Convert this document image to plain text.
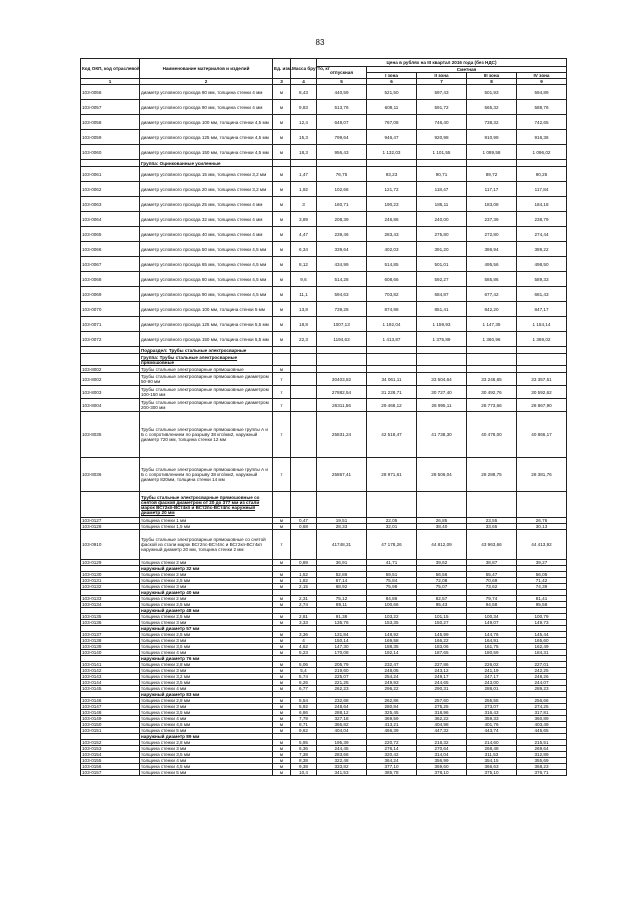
83
Код ОКП, код отраслевой	Наименование материалов и изделий	Ед. изм.	Масса брутто, кг	Цена в рублях на III квартал 2016 года (без НДС)				
				отпускная	Сметная			
					I зона	II зона	III зона	IV зона
1	2	3	4	5	6	7	8	9
103-0056	диаметр условного прохода 80 мм, толщина стенки 4 мм	м	8,43	440,59	521,50	597,43	501,93	594,89
103-0057	диаметр условного прохода 90 мм, толщина стенки 4 мм	м	9,83	513,76	608,11	591,72	565,32	588,76
103-0058	диаметр условного прохода 100 мм, толщина стенки 4,5 мм	м	12,4	648,07	767,08	746,40	738,32	742,65
103-0059	диаметр условного прохода 125 мм, толщина стенки 4,5 мм	м	15,3	799,64	946,47	920,98	910,99	916,36
103-0060	диаметр условного прохода 150 мм, толщина стенки 4,5 мм	м	18,3	956,43	1 132,03	1 101,55	1 089,58	1 096,02
	Группа: Оцинкованные усиленные							
103-0061	диаметр условного прохода 15 мм, толщина стенки 3,2 мм	м	1,47	76,75	93,23	90,71	89,72	90,25
103-0062	диаметр условного прохода 20 мм, толщина стенки 3,2 мм	м	1,92	102,66	121,72	118,47	117,17	117,84
103-0063	диаметр условного прохода 25 мм, толщина стенки 4 мм	м	3	160,71	190,23	185,11	183,08	184,18
103-0064	диаметр условного прохода 32 мм, толщина стенки 4 мм	м	3,89	208,39	246,86	240,00	237,39	238,79
103-0065	диаметр условного прохода 40 мм, толщина стенки 4 мм	м	4,47	239,46	283,43	275,80	272,80	274,44
103-0066	диаметр условного прохода 50 мм, толщина стенки 4,5 мм	м	6,34	339,64	402,03	391,20	386,94	389,22
103-0067	диаметр условного прохода 65 мм, толщина стенки 4,5 мм	м	8,12	434,99	514,85	501,01	495,56	498,50
103-0068	диаметр условного прохода 80 мм, толщина стенки 4,5 мм	м	9,6	514,28	608,66	592,27	585,86	589,33
103-0069	диаметр условного прохода 90 мм, толщина стенки 4,5 мм	м	11,1	594,63	703,82	684,87	677,42	681,43
103-0070	диаметр условного прохода 100 мм, толщина стенки 5 мм	м	13,8	739,28	874,98	851,41	842,20	847,17
103-0071	диаметр условного прохода 125 мм, толщина стенки 5,5 мм	м	18,8	1007,13	1 192,04	1 159,93	1 147,35	1 154,14
103-0072	диаметр условного прохода 150 мм, толщина стенки 5,5 мм	м	22,3	1194,63	1 413,87	1 375,89	1 360,96	1 369,02
	Подраздел: Трубы стальные электросварные							
	Группа: Трубы стальные электросварные прямошовные							
103-8002	Трубы стальные электросварные прямошовные	м						
103-8002	Трубы стальные электросварные прямошовные диаметром 50-90 мм	т		30403,82	34 061,11	33 504,64	33 246,65	33 357,51
103-8003	Трубы стальные электросварные прямошовные диаметром 100-150 мм	т		27882,54	31 228,71	30 727,40	30 492,76	30 592,62
103-8004	Трубы стальные электросварные прямошовные диаметром 200-300 мм	т		26311,56	29 468,12	28 995,11	28 773,66	28 867,90
103-8035	Трубы стальные электросварные прямошовные группы А и Б с сопротивлением по разрыву 38 кгс/мм2, наружный диаметр 720 мм, толщина стенки 12 мм	т		25831,24	42 518,47	41 738,30	40 478,00	40 866,17
103-8036	Трубы стальные электросварные прямошовные группы А и Б с сопротивлением по разрыву 38 кгс/мм2, наружный диаметр 820мм, толщина стенки 14 мм	т		25867,41	28 971,61	28 506,04	28 288,75	28 381,76
	Трубы стальные электросварные прямошовные со снятой фаской диаметром от 20 до 377 мм из стали марок ВСт2кп-ВСт4кп и ВСт2пс-ВСт4пс наружный диаметр 20 мм							
103-0127	толщина стенки 1 мм	м	0,47	19,51	22,05	26,85	23,55	26,76
103-0128	толщина стенки 1,5 мм	м	0,68	28,33	32,01	38,40	33,65	30,13
103-0910	Трубы стальные электросварные прямошовные со снятой фаской из стали марок ВСт2пс-ВСт4пс и ВСт2кп-ВСт4кп наружный диаметр 20 мм, толщина стенки 2 мм	т		41748,31	47 178,26	44 812,09	43 963,66	44 413,92
103-0129	толщина стенки 2 мм	м	0,89	36,91	41,71	39,62	38,87	39,27
	наружный диаметр 32 мм							
103-0130	толщина стенки 2 мм	м	1,52	52,86	59,51	56,56	55,47	56,05
103-0131	толщина стенки 2,5 мм	м	1,82	67,14	75,84	72,08	70,69	71,42
103-0132	толщина стенки 3 мм	м	2,15	68,92	75,98	75,07	73,62	74,39
	наружный диаметр 40 мм							
103-0133	толщина стенки 2 мм	м	2,31	75,12	84,86	82,57	79,74	81,41
103-0134	толщина стенки 2,5 мм	м	2,74	89,11	100,66	95,43	94,58	95,58
	наружный диаметр 48 мм							
103-0135	толщина стенки 2,5 мм	м	2,81	91,38	103,22	101,15	100,34	100,79
103-0136	толщина стенки 3 мм	м	3,33	135,76	153,35	150,27	149,07	149,73
	наружный диаметр 57 мм							
103-0137	толщина стенки 2,5 мм	м	3,36	131,84	148,92	145,99	144,76	145,44
103-0138	толщина стенки 3 мм	м	4	150,14	169,58	166,22	164,91	165,60
103-0139	толщина стенки 3,5 мм	м	4,62	147,30	188,35	183,06	161,75	162,49
103-0140	толщина стенки 4 мм	м	5,23	170,08	192,14	187,65	180,59	184,31
	наружный диаметр 76 мм							
103-0141	толщина стенки 2,8 мм	м	5,06	205,79	232,47	227,86	226,02	227,01
103-0142	толщина стенки 3 мм	м	5,4	219,60	248,05	243,12	241,19	242,25
103-0143	толщина стенки 3,2 мм	м	5,74	225,07	254,24	249,17	247,17	248,26
103-0144	толщина стенки 3,5 мм	м	6,26	221,25	249,93	244,65	243,00	244,07
103-0145	толщина стенки 4 мм	м	6,77	262,23	296,22	290,31	288,01	289,23
	наружный диаметр 83 мм							
103-0146	толщина стенки 2,8 мм	м	5,54	232,68	262,86	257,60	255,55	256,66
103-0147	толщина стенки 3 мм	м	5,92	248,64	280,84	275,25	273,07	274,25
103-0148	толщина стенки 3,5 мм	м	6,86	288,12	325,45	318,96	316,43	317,81
103-0149	толщина стенки 4 мм	м	7,79	327,18	369,59	362,22	359,33	360,89
103-0150	толщина стенки 4,5 мм	м	8,71	365,82	413,21	404,98	401,76	403,49
103-0151	толщина стенки 5 мм	м	9,62	404,04	456,39	447,32	443,74	445,65
	наружный диаметр 89 мм							
103-0152	толщина стенки 2,8 мм	м	5,95	195,39	220,72	216,32	214,60	215,51
103-0153	толщина стенки 3 мм	м	6,36	244,45	276,14	270,64	268,48	269,64
103-0154	толщина стенки 3,5 мм	м	7,38	283,66	320,42	314,04	311,53	312,89
103-0155	толщина стенки 4 мм	м	8,38	322,48	364,24	356,99	354,15	355,69
103-0156	толщина стенки 4,5 мм	м	9,38	333,82	377,10	369,60	366,63	368,23
103-0157	толщина стенки 5 мм	м	10,4	341,53	385,78	378,10	375,10	376,71
